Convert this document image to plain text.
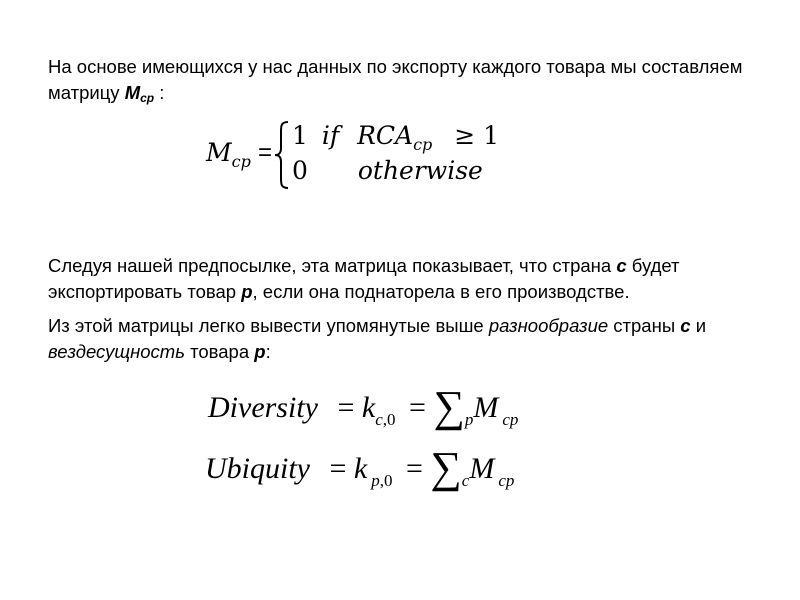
На основе имеющихся у нас данных по экспорту каждого товара мы составляем матрицу $M_{cp}$ :
$M_{cp}$ =
1 if $RCA_{cp} \ge 1$
0 otherwise
Следуя нашей предпосылке, эта матрица показывает, что страна c будет экспортировать товар p, если она поднаторела в его производстве.
Из этой матрицы легко вывести упомянутые выше разнообразие страны c и вездесущность товара p:
Diversity = $k_{c,0} = \sum_pM$ $_{cp}$
Ubiquity = k $_{p,0} = \sum_cM$ $_{cp}$
